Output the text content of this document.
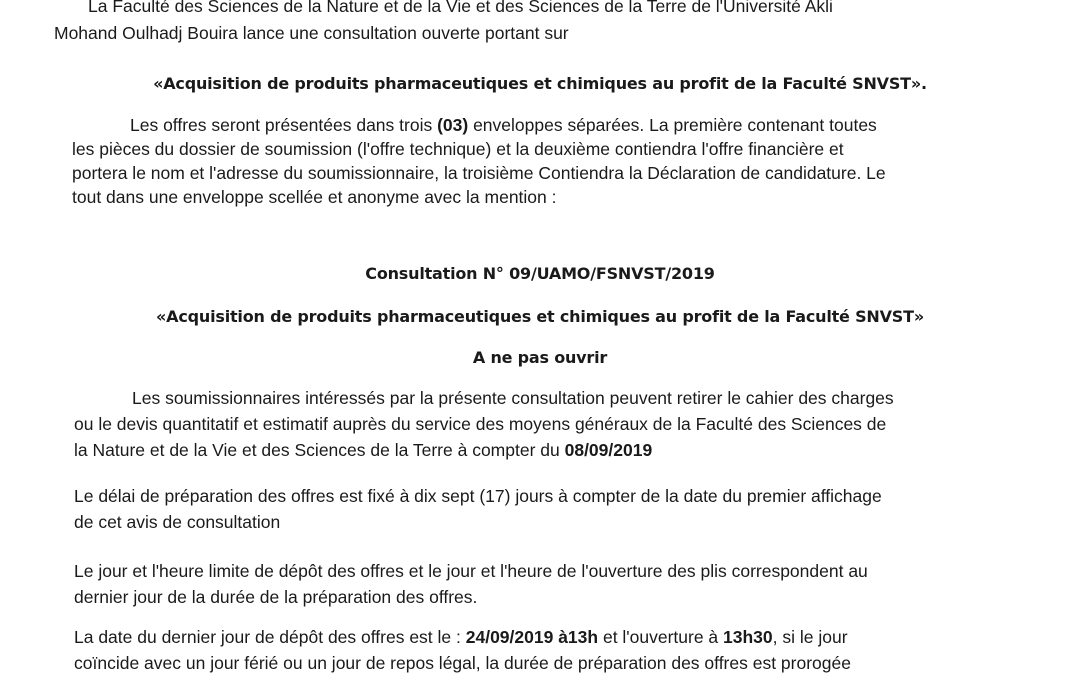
La Faculté des Sciences de la Nature et de la Vie et des Sciences de la Terre de l'Université Akli
Mohand Oulhadj Bouira lance une consultation ouverte portant sur
«Acquisition de produits pharmaceutiques et chimiques au profit de la Faculté SNVST».
Les offres seront présentées dans trois (03) enveloppes séparées. La première contenant toutes
les pièces du dossier de soumission (l'offre technique) et la deuxième contiendra l'offre financière et
portera le nom et l'adresse du soumissionnaire, la troisième Contiendra la Déclaration de candidature. Le
tout dans une enveloppe scellée et anonyme avec la mention :
Consultation N° 09/UAMO/FSNVST/2019
«Acquisition de produits pharmaceutiques et chimiques au profit de la Faculté SNVST»
A ne pas ouvrir
Les soumissionnaires intéressés par la présente consultation peuvent retirer le cahier des charges
ou le devis quantitatif et estimatif auprès du service des moyens généraux de la Faculté des Sciences de
la Nature et de la Vie et des Sciences de la Terre à compter du 08/09/2019
Le délai de préparation des offres est fixé à dix sept (17) jours à compter de la date du premier affichage
de cet avis de consultation
Le jour et l'heure limite de dépôt des offres et le jour et l'heure de l'ouverture des plis correspondent au
dernier jour de la durée de la préparation des offres.
La date du dernier jour de dépôt des offres est le : 24/09/2019 à13h et l'ouverture à 13h30, si le jour
coïncide avec un jour férié ou un jour de repos légal, la durée de préparation des offres est prorogée
